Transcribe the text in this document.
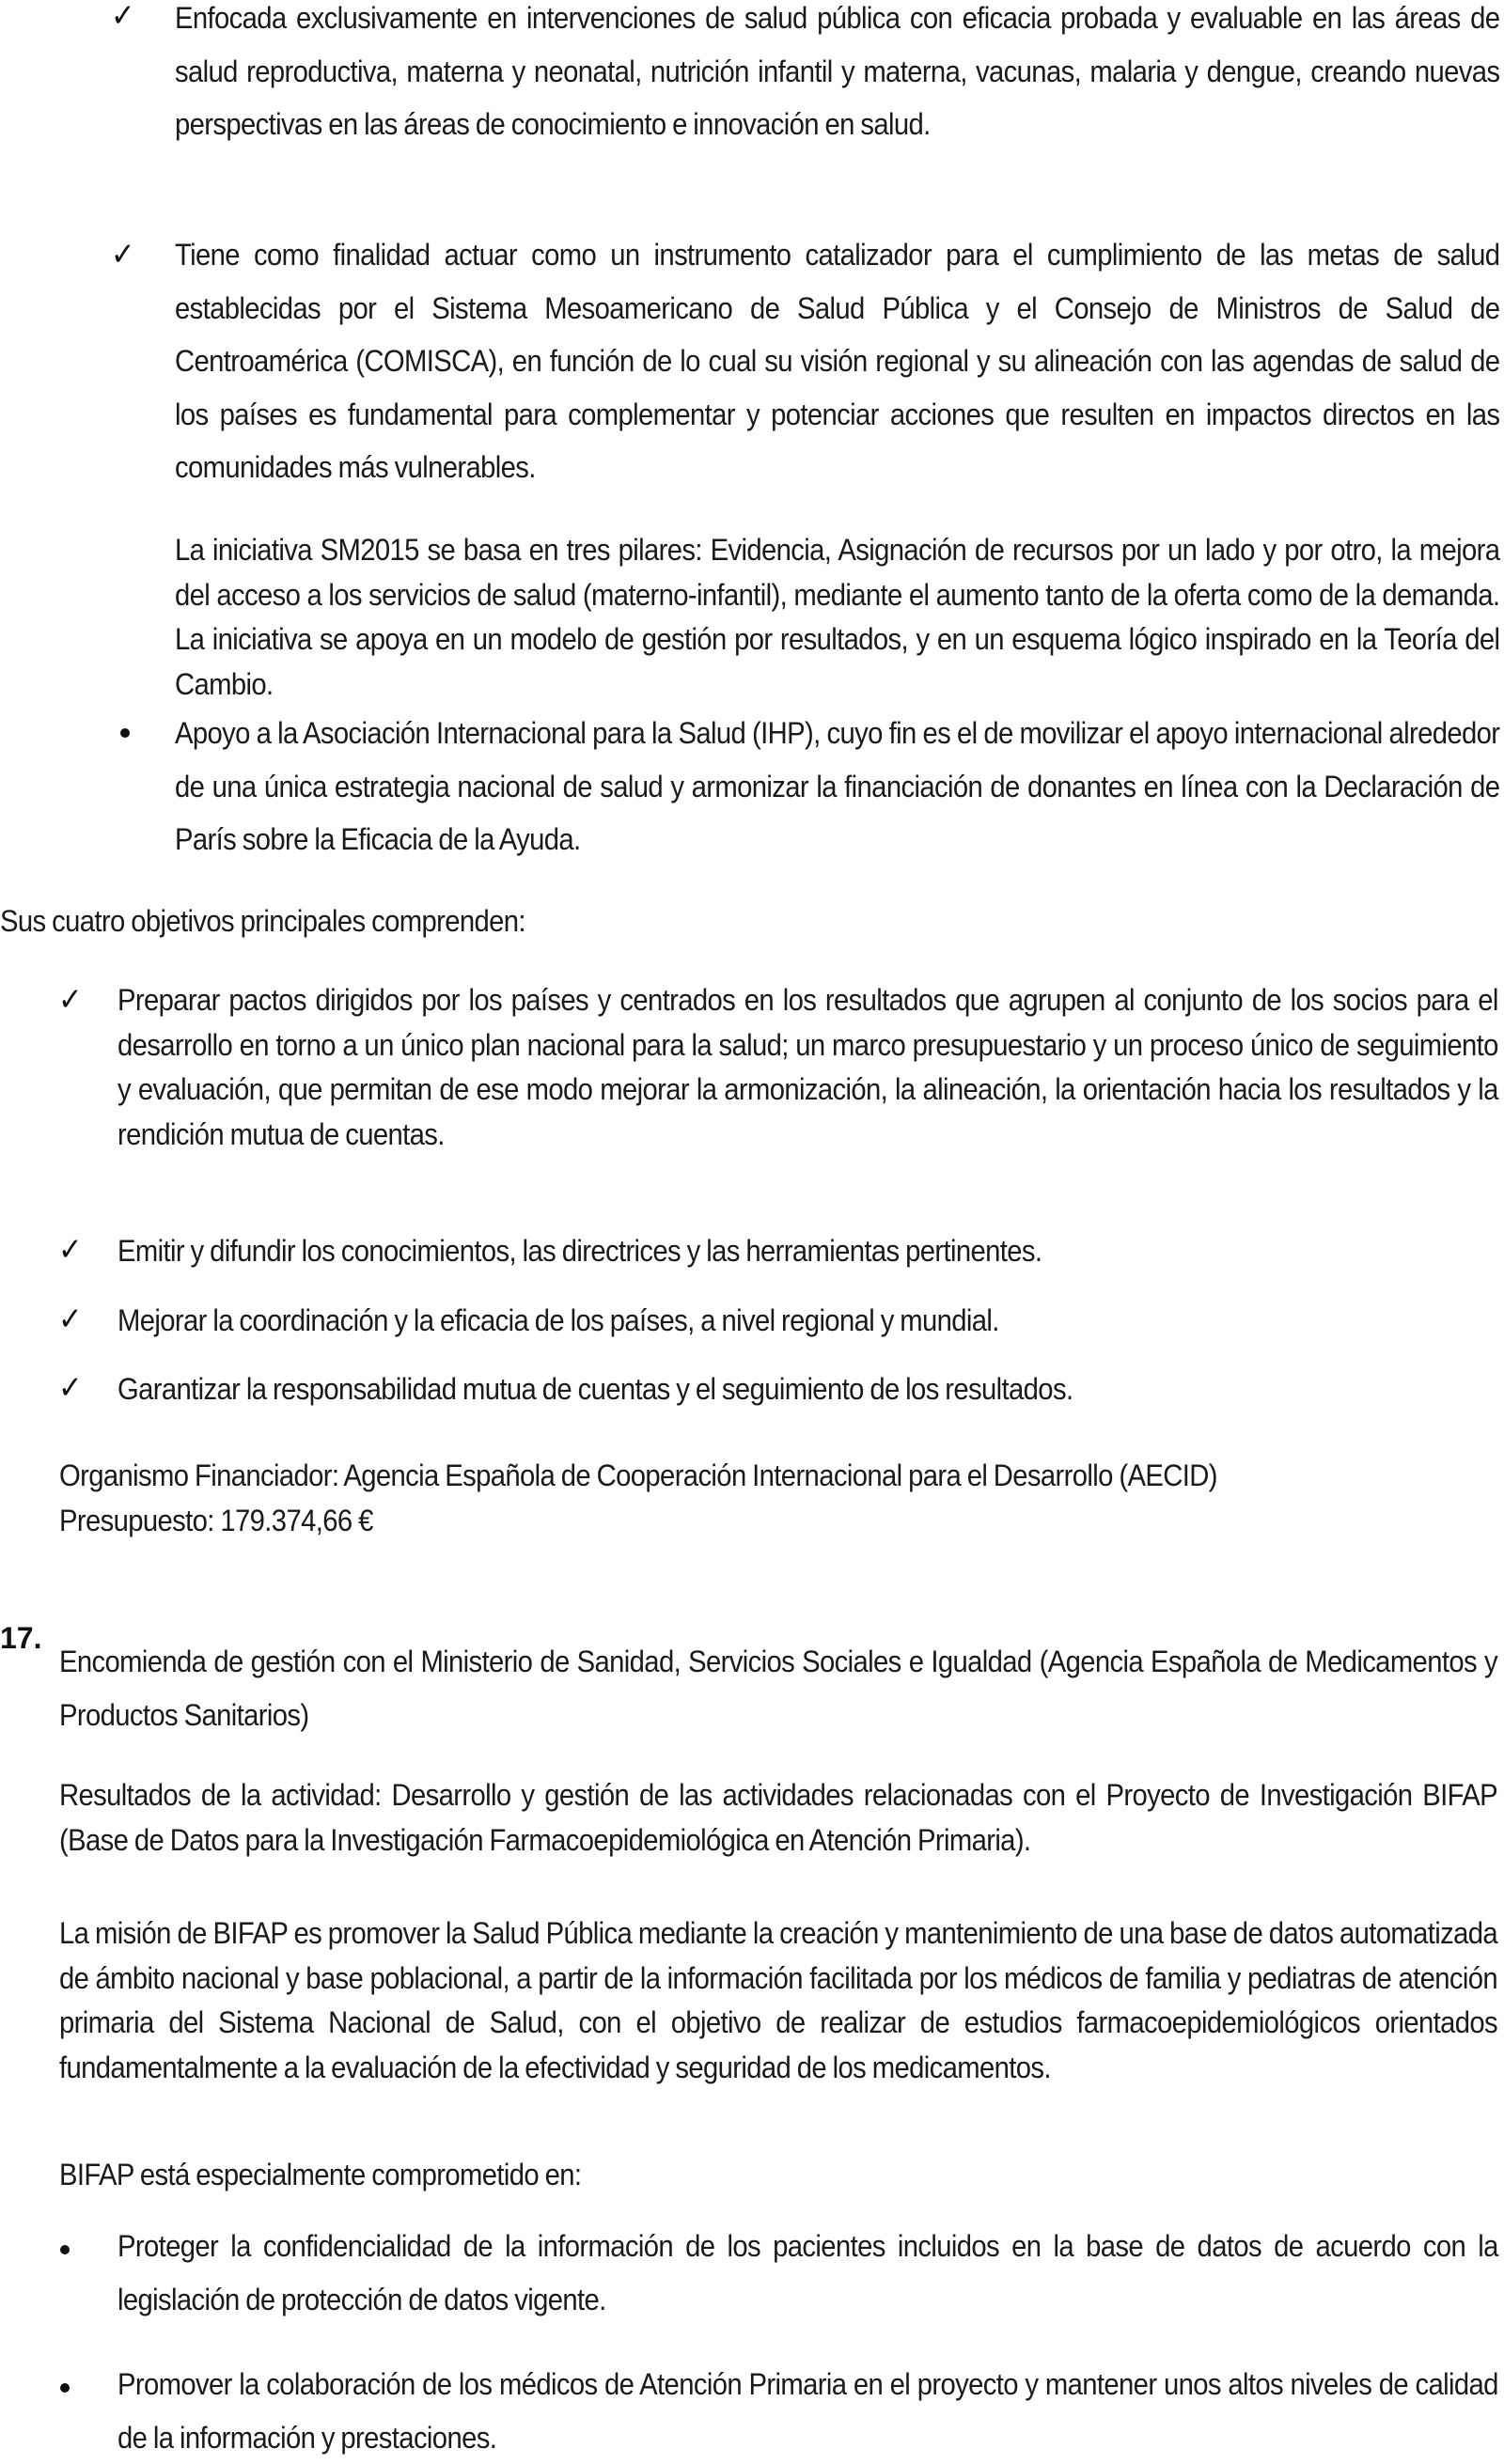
✓ Enfocada exclusivamente en intervenciones de salud pública con eficacia probada y evaluable en las áreas de salud reproductiva, materna y neonatal, nutrición infantil y materna, vacunas, malaria y dengue, creando nuevas perspectivas en las áreas de conocimiento e innovación en salud.
✓ Tiene como finalidad actuar como un instrumento catalizador para el cumplimiento de las metas de salud establecidas por el Sistema Mesoamericano de Salud Pública y el Consejo de Ministros de Salud de Centroamérica (COMISCA), en función de lo cual su visión regional y su alineación con las agendas de salud de los países es fundamental para complementar y potenciar acciones que resulten en impactos directos en las comunidades más vulnerables.
La iniciativa SM2015 se basa en tres pilares: Evidencia, Asignación de recursos por un lado y por otro, la mejora del acceso a los servicios de salud (materno-infantil), mediante el aumento tanto de la oferta como de la demanda. La iniciativa se apoya en un modelo de gestión por resultados, y en un esquema lógico inspirado en la Teoría del Cambio.
Apoyo a la Asociación Internacional para la Salud (IHP), cuyo fin es el de movilizar el apoyo internacional alrededor de una única estrategia nacional de salud y armonizar la financiación de donantes en línea con la Declaración de París sobre la Eficacia de la Ayuda.
Sus cuatro objetivos principales comprenden:
✓ Preparar pactos dirigidos por los países y centrados en los resultados que agrupen al conjunto de los socios para el desarrollo en torno a un único plan nacional para la salud; un marco presupuestario y un proceso único de seguimiento y evaluación, que permitan de ese modo mejorar la armonización, la alineación, la orientación hacia los resultados y la rendición mutua de cuentas.
✓ Emitir y difundir los conocimientos, las directrices y las herramientas pertinentes.
✓ Mejorar la coordinación y la eficacia de los países, a nivel regional y mundial.
✓ Garantizar la responsabilidad mutua de cuentas y el seguimiento de los resultados.
Organismo Financiador: Agencia Española de Cooperación Internacional para el Desarrollo (AECID)
Presupuesto: 179.374,66 €
17.
Encomienda de gestión con el Ministerio de Sanidad, Servicios Sociales e Igualdad (Agencia Española de Medicamentos y Productos Sanitarios)
Resultados de la actividad: Desarrollo y gestión de las actividades relacionadas con el Proyecto de Investigación BIFAP (Base de Datos para la Investigación Farmacoepidemiológica en Atención Primaria).
La misión de BIFAP es promover la Salud Pública mediante la creación y mantenimiento de una base de datos automatizada de ámbito nacional y base poblacional, a partir de la información facilitada por los médicos de familia y pediatras de atención primaria del Sistema Nacional de Salud, con el objetivo de realizar de estudios farmacoepidemiológicos orientados fundamentalmente a la evaluación de la efectividad y seguridad de los medicamentos.
BIFAP está especialmente comprometido en:
Proteger la confidencialidad de la información de los pacientes incluidos en la base de datos de acuerdo con la legislación de protección de datos vigente.
Promover la colaboración de los médicos de Atención Primaria en el proyecto y mantener unos altos niveles de calidad de la información y prestaciones.
